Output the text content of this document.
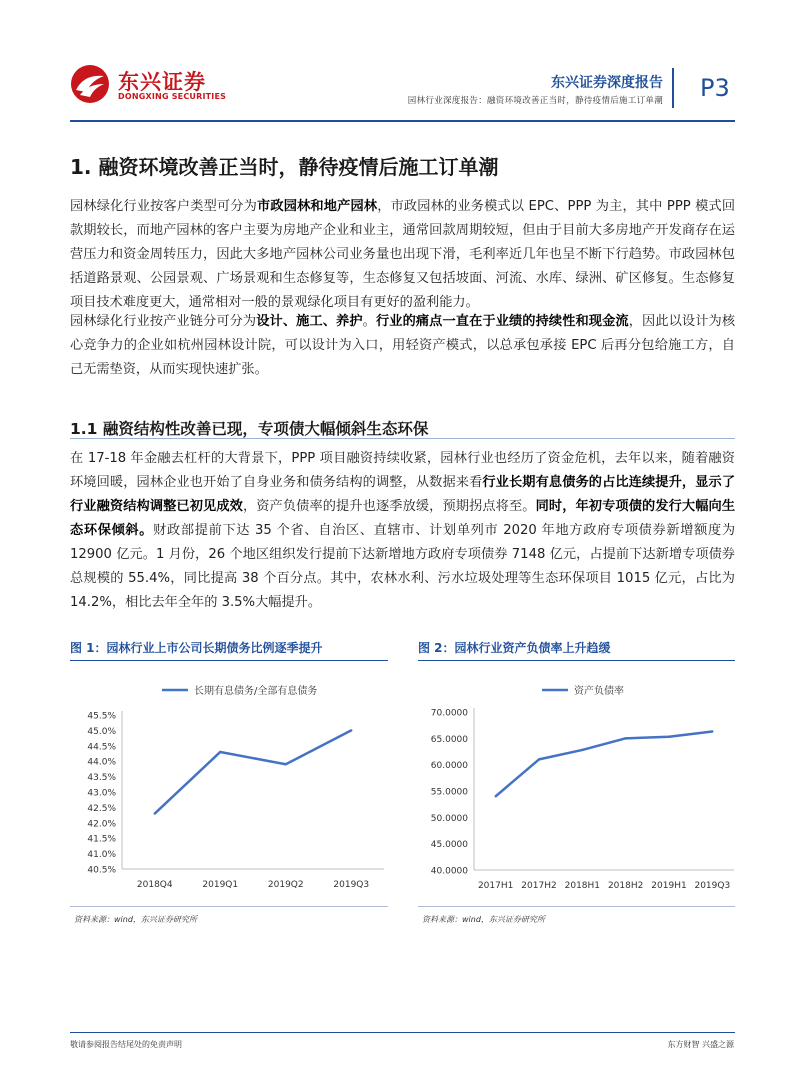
东兴证券
DONGXING SECURITIES
东兴证券深度报告
园林行业深度报告：融资环境改善正当时，静待疫情后施工订单潮 P3
1. 融资环境改善正当时，静待疫情后施工订单潮
园林绿化行业按客户类型可分为市政园林和地产园林，市政园林的业务模式以 EPC、PPP 为主，其中 PPP 模式回款期较长，而地产园林的客户主要为房地产企业和业主，通常回款周期较短，但由于目前大多房地产开发商存在运营压力和资金周转压力，因此大多地产园林公司业务量也出现下滑，毛利率近几年也呈不断下行趋势。市政园林包括道路景观、公园景观、广场景观和生态修复等，生态修复又包括坡面、河流、水库、绿洲、矿区修复。生态修复项目技术难度更大，通常相对一般的景观绿化项目有更好的盈利能力。
园林绿化行业按产业链分可分为设计、施工、养护。行业的痛点一直在于业绩的持续性和现金流，因此以设计为核心竞争力的企业如杭州园林设计院，可以设计为入口，用轻资产模式，以总承包承接 EPC 后再分包给施工方，自己无需垫资，从而实现快速扩张。
1.1 融资结构性改善已现，专项债大幅倾斜生态环保
在 17-18 年金融去杠杆的大背景下，PPP 项目融资持续收紧，园林行业也经历了资金危机，去年以来，随着融资环境回暖，园林企业也开始了自身业务和债务结构的调整，从数据来看行业长期有息债务的占比连续提升，显示了行业融资结构调整已初见成效，资产负债率的提升也逐季放缓，预期拐点将至。同时，年初专项债的发行大幅向生态环保倾斜。财政部提前下达 35 个省、自治区、直辖市、计划单列市 2020 年地方政府专项债券新增额度为 12900 亿元。1 月份，26 个地区组织发行提前下达新增地方政府专项债券 7148 亿元，占提前下达新增专项债券总规模的 55.4%，同比提高 38 个百分点。其中，农林水利、污水垃圾处理等生态环保项目 1015 亿元，占比为 14.2%，相比去年全年的 3.5%大幅提升。
图 1：园林行业上市公司长期债务比例逐季提升
长期有息债务/全部有息债务
45.5%
45.0%
44.5%
44.0%
43.5%
43.0%
42.5%
42.0%
41.5%
41.0%
40.5%
2018Q4	2019Q1	2019Q2	2019Q3
资料来源：wind，东兴证券研究所
图 2：园林行业资产负债率上升趋缓
资产负债率
70.0000
65.0000
60.0000
55.0000
50.0000
45.0000
40.0000
2017H1 2017H2 2018H1 2018H2 2019H1 2019Q3
资料来源：wind，东兴证券研究所
敬请参阅报告结尾处的免责声明	东方财智 兴盛之源
